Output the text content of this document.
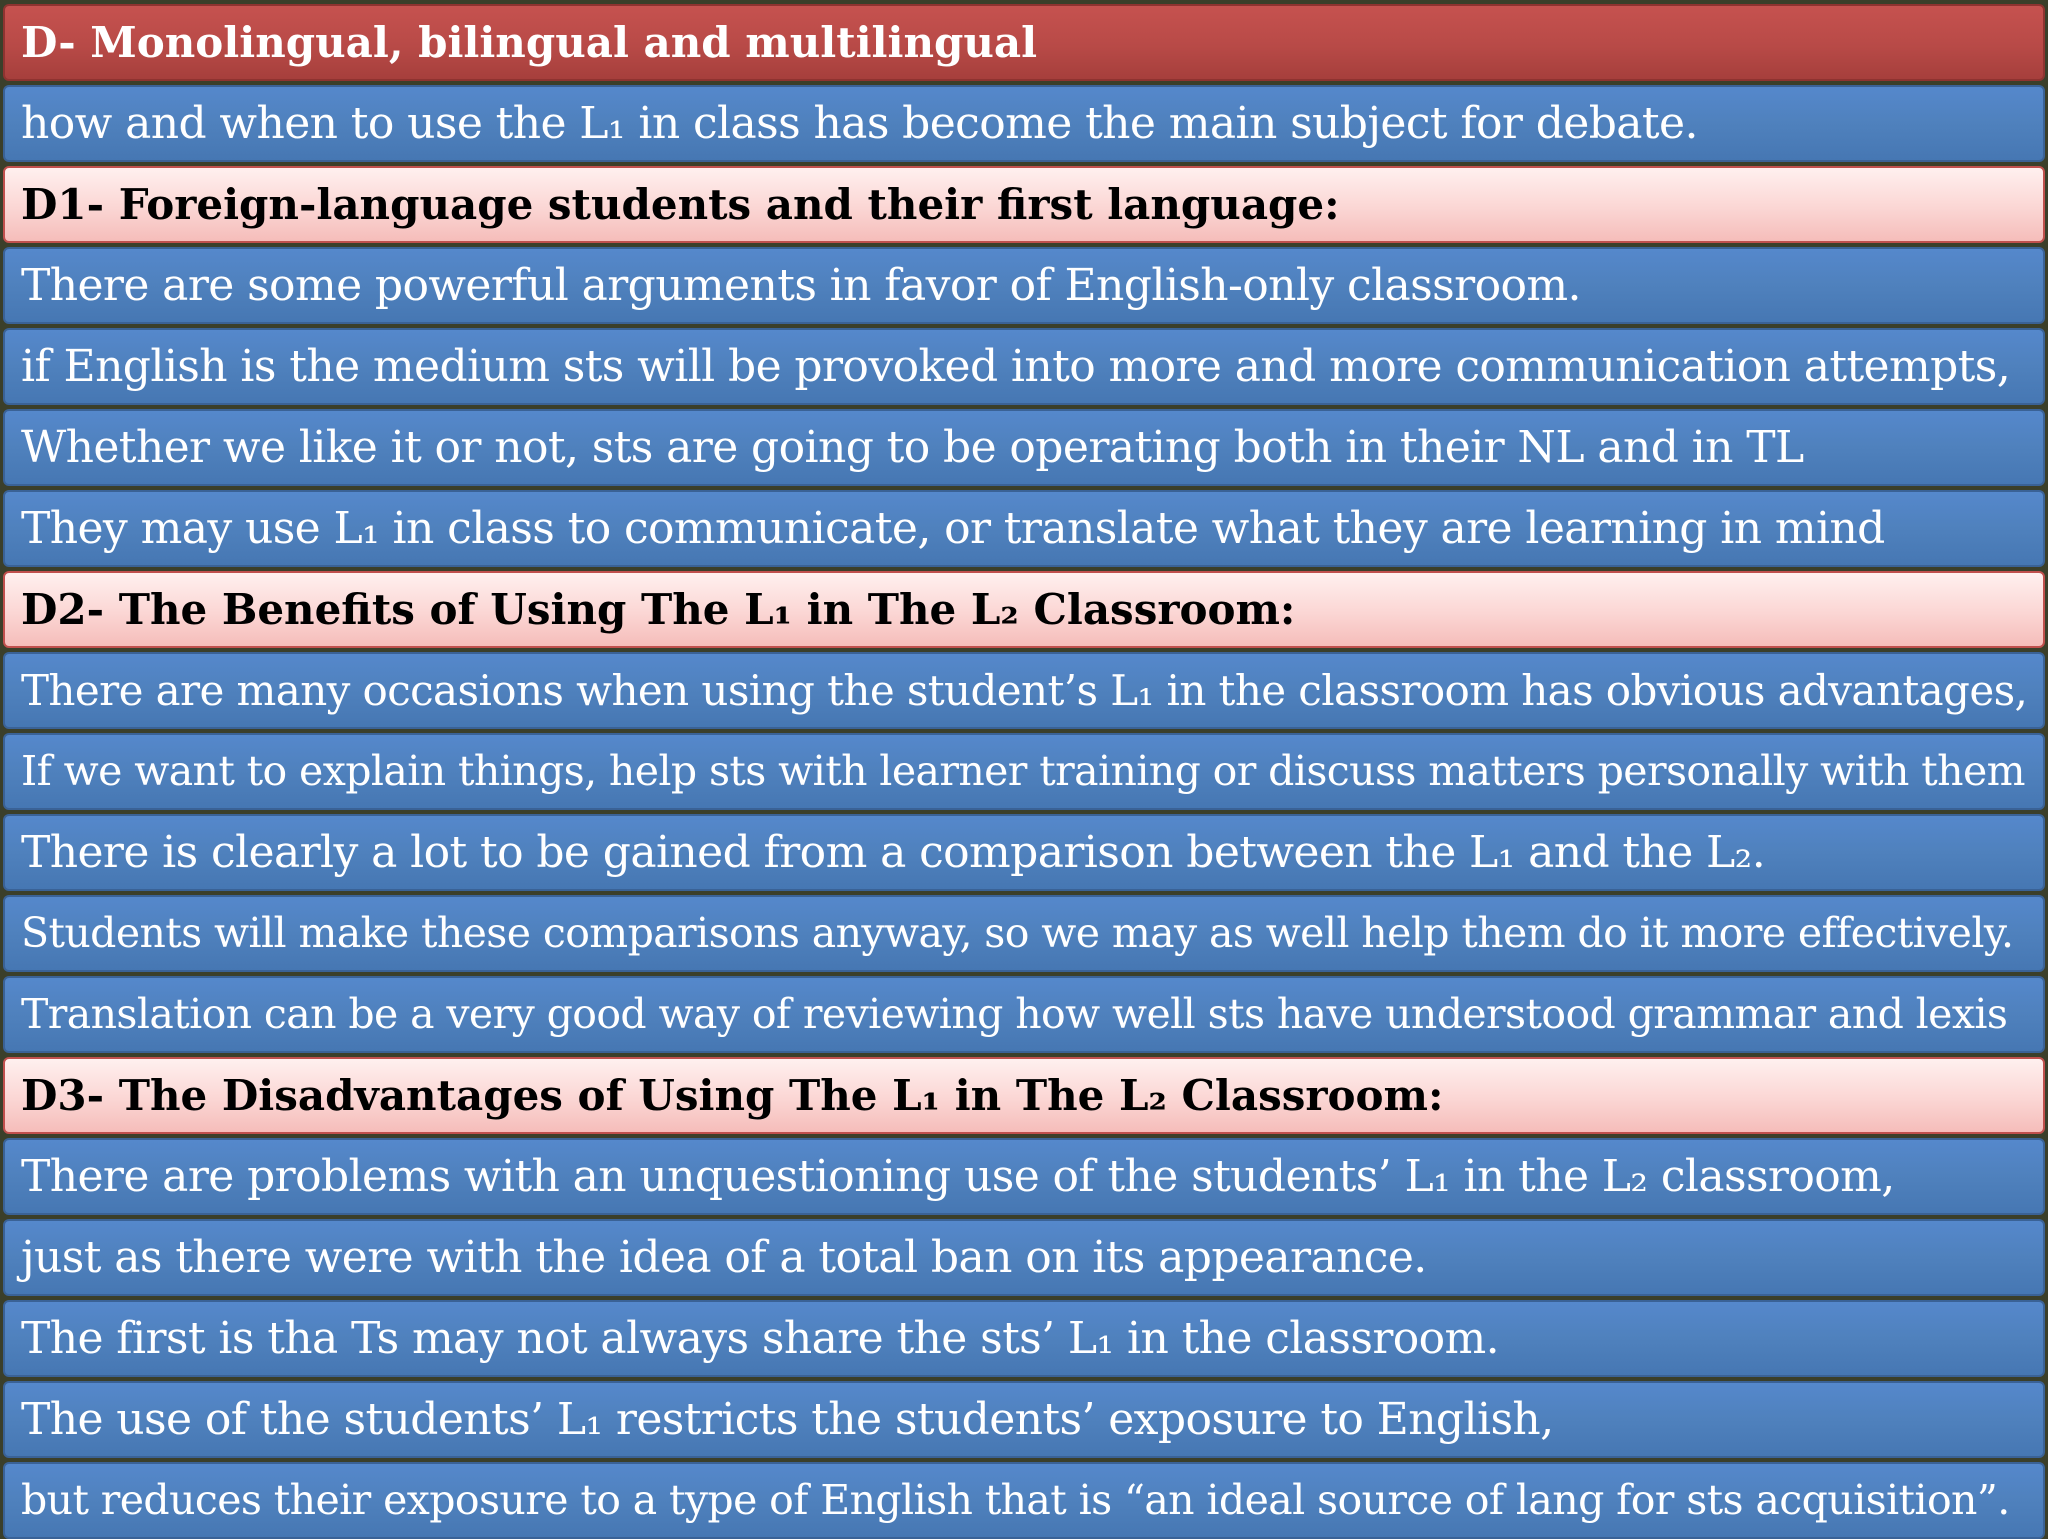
D- Monolingual, bilingual and multilingual
how and when to use the L₁ in class has become the main subject for debate.
D1- Foreign-language students and their first language:
There are some powerful arguments in favor of English-only classroom.
if English is the medium sts will be provoked into more and more communication attempts,
Whether we like it or not, sts are going to be operating both in their NL and in TL
They may use L₁ in class to communicate, or translate what they are learning in mind
D2- The Benefits of Using The L₁ in The L₂ Classroom:
There are many occasions when using the student’s L₁ in the classroom has obvious advantages,
If we want to explain things, help sts with learner training or discuss matters personally with them
There is clearly a lot to be gained from a comparison between the L₁ and the L₂.
Students will make these comparisons anyway, so we may as well help them do it more effectively.
Translation can be a very good way of reviewing how well sts have understood grammar and lexis
D3- The Disadvantages of Using The L₁ in The L₂ Classroom:
There are problems with an unquestioning use of the students’ L₁ in the L₂ classroom,
just as there were with the idea of a total ban on its appearance.
The first is tha Ts may not always share the sts’ L₁ in the classroom.
The use of the students’ L₁ restricts the students’ exposure to English,
but reduces their exposure to a type of English that is “an ideal source of lang for sts acquisition”.
